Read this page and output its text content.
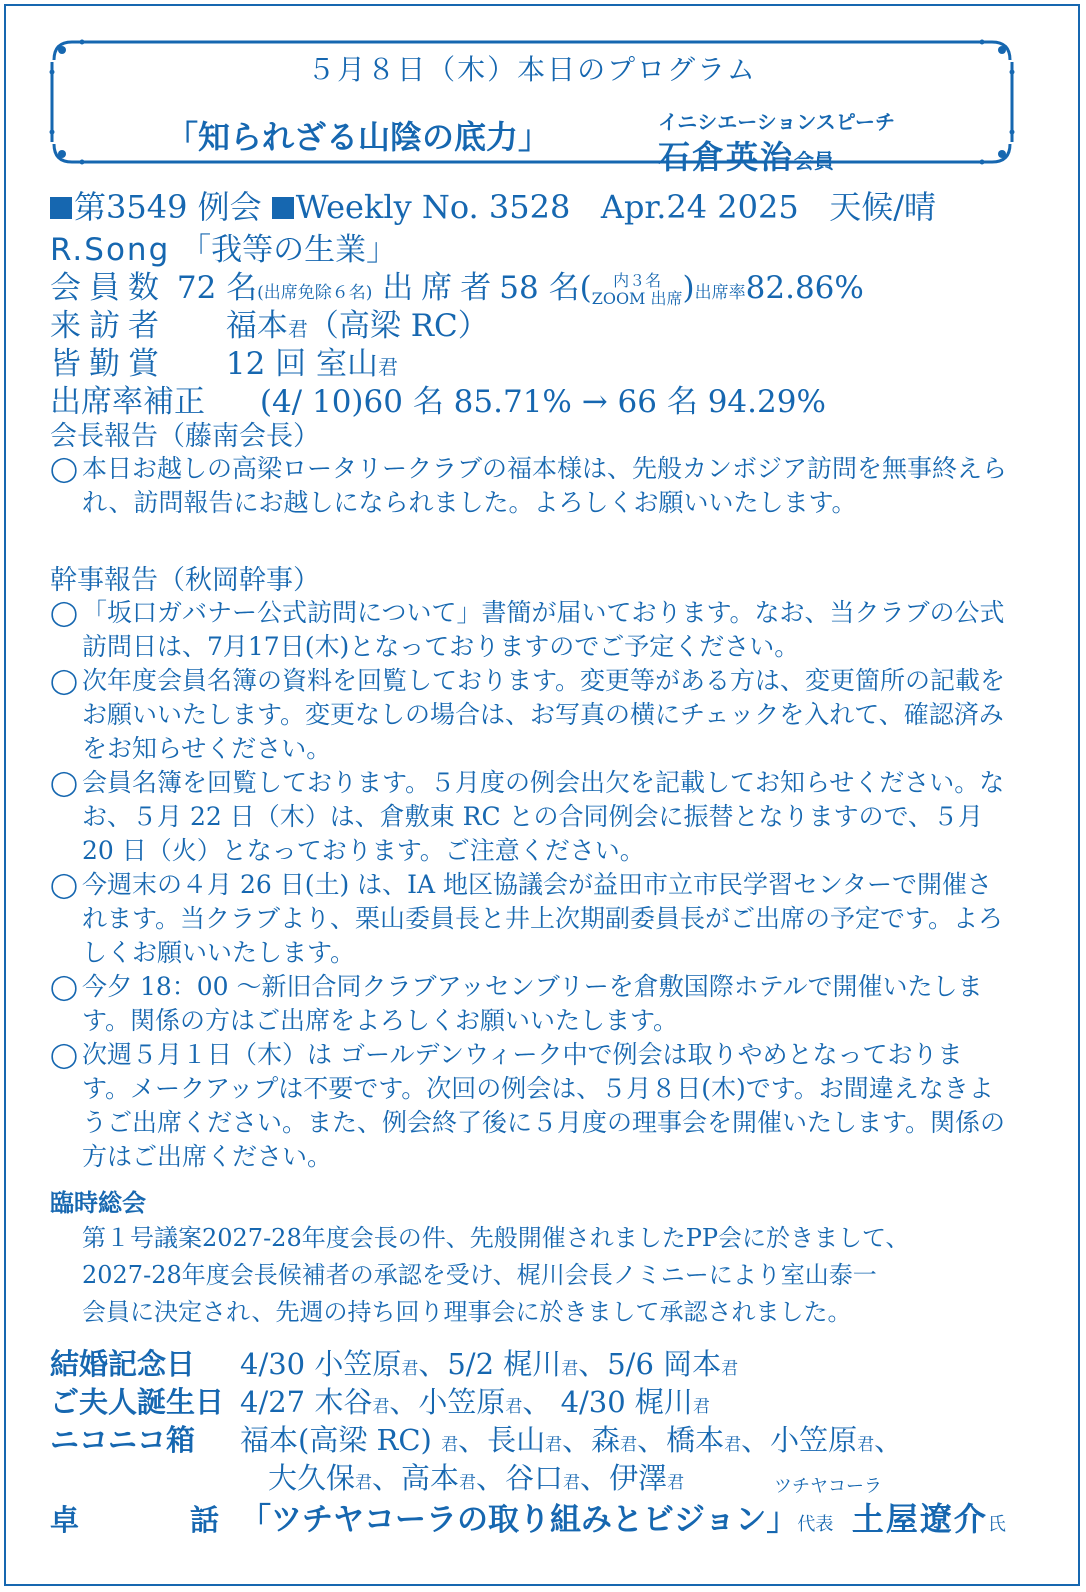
５月８日（木）本日のプログラム
「知られざる山陰の底力」	イニシエーションスピーチ
石倉英治会員
第3549 例会 Weekly No. 3528 Apr.24 2025 天候/晴
R.Song 「我等の生業」
会員数 72 名(出席免除６名) 出席者58 名( 内３名
ZOOM 出席)出席率82.86%
来訪者 福本君（高梁 RC）
皆勤賞 12 回 室山君
出席率補正 (4/ 10)60 名 85.71% → 66 名 94.29%
会長報告（藤南会長）
◯ 本日お越しの高梁ロータリークラブの福本様は、先般カンボジア訪問を無事終えられ、訪問報告にお越しになられました。よろしくお願いいたします。
幹事報告（秋岡幹事）
◯ 「坂口ガバナー公式訪問について」書簡が届いております。なお、当クラブの公式訪問日は、7月17日(木)となっておりますのでご予定ください。
◯ 次年度会員名簿の資料を回覧しております。変更等がある方は、変更箇所の記載をお願いいたします。変更なしの場合は、お写真の横にチェックを入れて、確認済みをお知らせください。
◯ 会員名簿を回覧しております。５月度の例会出欠を記載してお知らせください。なお、５月 22 日（木）は、倉敷東 RC との合同例会に振替となりますので、５月 20 日（火）となっております。ご注意ください。
◯ 今週末の４月 26 日(土) は、IA 地区協議会が益田市立市民学習センターで開催されます。当クラブより、栗山委員長と井上次期副委員長がご出席の予定です。よろしくお願いいたします。
◯ 今夕 18：00 ～新旧合同クラブアッセンブリーを倉敷国際ホテルで開催いたします。関係の方はご出席をよろしくお願いいたします。
◯ 次週５月１日（木）は ゴールデンウィーク中で例会は取りやめとなっております。メークアップは不要です。次回の例会は、５月８日(木)です。お間違えなきようご出席ください。また、例会終了後に５月度の理事会を開催いたします。関係の方はご出席ください。
臨時総会
第１号議案2027-28年度会長の件、先般開催されましたPP会に於きまして、
2027-28年度会長候補者の承認を受け、梶川会長ノミニーにより室山泰一
会員に決定され、先週の持ち回り理事会に於きまして承認されました。
結婚記念日 4/30 小笠原君、5/2 梶川君、5/6 岡本君
ご夫人誕生日 4/27 木谷君、小笠原君、 4/30 梶川君
ニコニコ箱 福本(高梁 RC) 君、長山君、森君、橋本君、小笠原君、
大久保君、高本君、谷口君、伊澤君	ツチヤコーラ
卓	話 「ツチヤコーラの取り組みとビジョン」代表 土屋遼介氏
